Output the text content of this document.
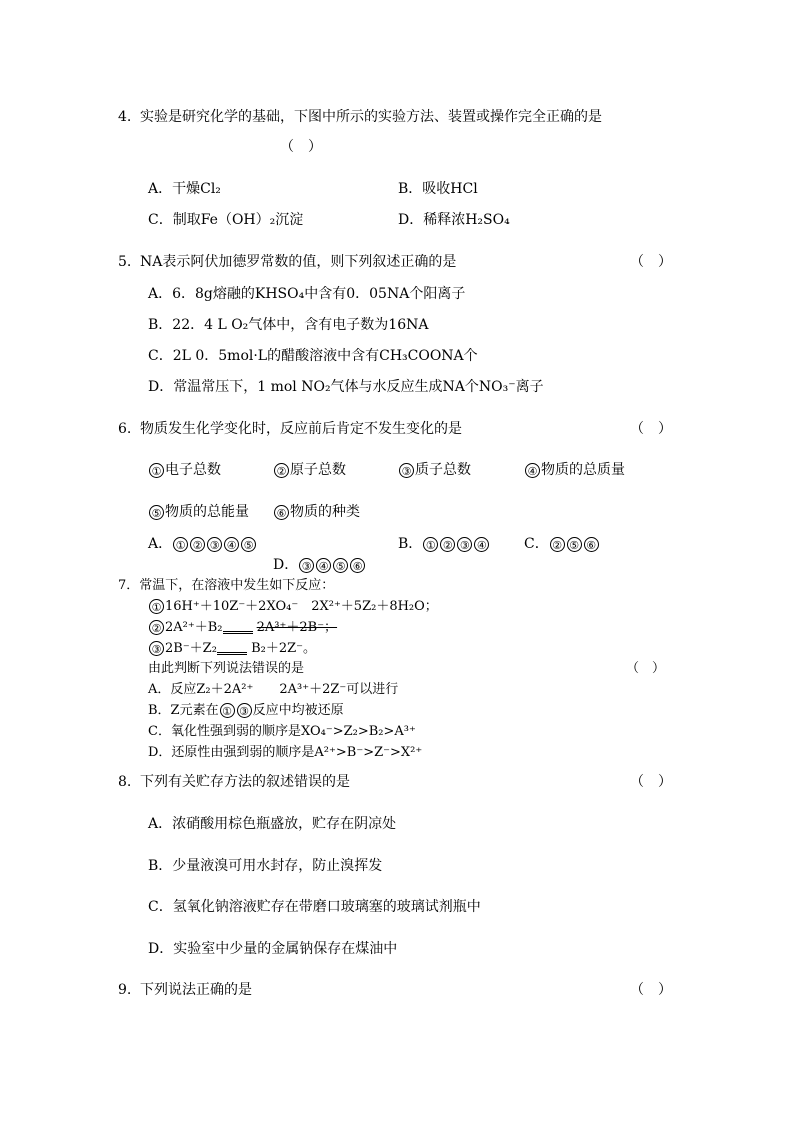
4. 实验是研究化学的基础，下图中所示的实验方法、装置或操作完全正确的是
（　）
A．干燥Cl₂	B．吸收HCl
C．制取Fe（OH）₂沉淀	D．稀释浓H₂SO₄
5. NA表示阿伏加德罗常数的值，则下列叙述正确的是	（　）
A．6．8g熔融的KHSO₄中含有0．05NA个阳离子
B．22．4 L O₂气体中，含有电子数为16NA
C．2L 0．5mol·L的醋酸溶液中含有CH₃COONA个
D．常温常压下，1 mol NO₂气体与水反应生成NA个NO₃⁻离子
6. 物质发生化学变化时，反应前后肯定不发生变化的是	（　）
① 电子总数	② 原子总数	③ 质子总数	④ 物质的总质量
⑤ 物质的总能量	⑥ 物质的种类
A． ① ② ③ ④ ⑤	B． ① ② ③ ④	C． ② ⑤ ⑥
D． ③ ④ ⑤ ⑥
7．常温下，在溶液中发生如下反应：
① 16H⁺＋10Z⁻＋2XO₄⁻　2X²⁺＋5Z₂＋8H₂O；
② 2A²⁺＋B₂	2A³⁺＋2B⁻；
③ 2B⁻＋Z₂	B₂＋2Z⁻。
由此判断下列说法错误的是	（　）
A．反应Z₂＋2A²⁺　　2A³⁺＋2Z⁻可以进行
B．Z元素在 ① ③ 反应中均被还原
C．氧化性强到弱的顺序是XO₄⁻>Z₂>B₂>A³⁺
D．还原性由强到弱的顺序是A²⁺>B⁻>Z⁻>X²⁺
8. 下列有关贮存方法的叙述错误的是	（　）
A．浓硝酸用棕色瓶盛放，贮存在阴凉处
B．少量液溴可用水封存，防止溴挥发
C．氢氧化钠溶液贮存在带磨口玻璃塞的玻璃试剂瓶中
D．实验室中少量的金属钠保存在煤油中
9. 下列说法正确的是	（　）
